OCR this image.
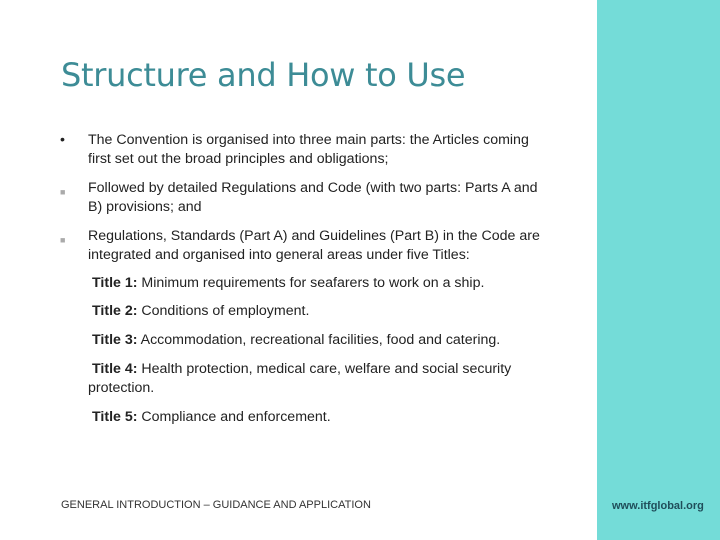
Structure and How to Use
• The Convention is organised into three main parts: the Articles coming first set out the broad principles and obligations;
■ Followed by detailed Regulations and Code (with two parts: Parts A and B) provisions; and
■ Regulations, Standards (Part A) and Guidelines (Part B) in the Code are integrated and organised into general areas under five Titles:
Title 1: Minimum requirements for seafarers to work on a ship.
Title 2: Conditions of employment.
Title 3: Accommodation, recreational facilities, food and catering.
Title 4: Health protection, medical care, welfare and social security protection.
Title 5: Compliance and enforcement.
GENERAL INTRODUCTION – GUIDANCE AND APPLICATION	www.itfglobal.org
